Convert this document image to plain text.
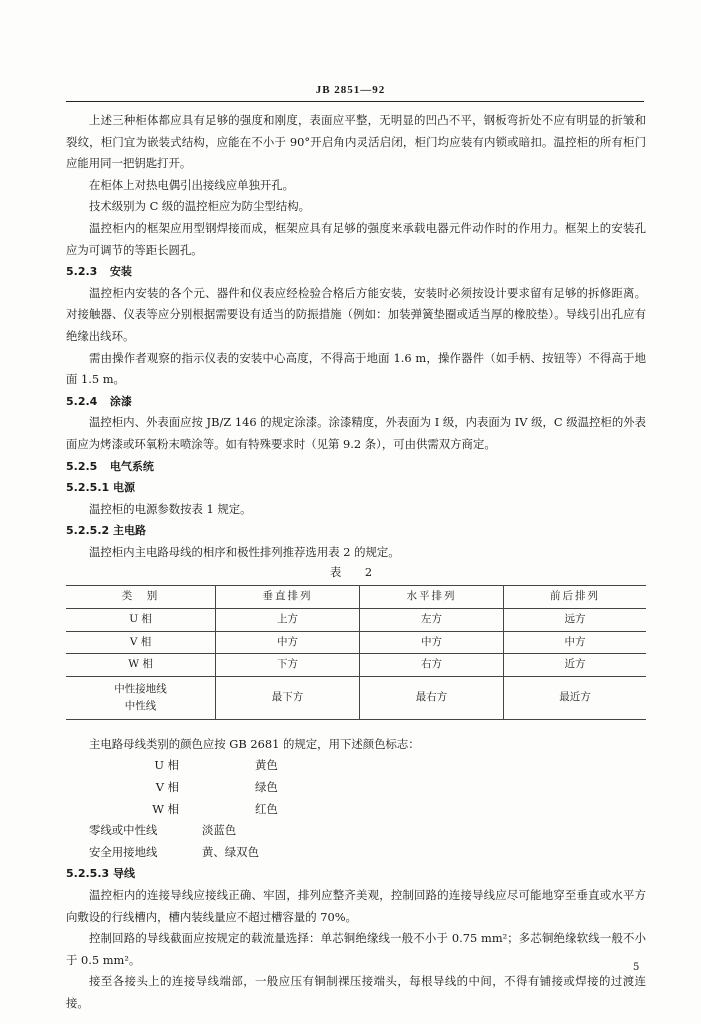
JB 2851—92

上述三种柜体都应具有足够的强度和刚度，表面应平整，无明显的凹凸不平，钢板弯折处不应有明显的折皱和裂纹，柜门宜为嵌装式结构，应能在不小于 90°开启角内灵活启闭，柜门均应装有内锁或暗扣。温控柜的所有柜门应能用同一把钥匙打开。

在柜体上对热电偶引出接线应单独开孔。

技术级别为 C 级的温控柜应为防尘型结构。

温控柜内的框架应用型钢焊接而成，框架应具有足够的强度来承载电器元件动作时的作用力。框架上的安装孔应为可调节的等距长圆孔。

5.2.3 安装

温控柜内安装的各个元、器件和仪表应经检验合格后方能安装，安装时必须按设计要求留有足够的拆修距离。对接触器、仪表等应分别根据需要设有适当的防振措施（例如：加装弹簧垫圈或适当厚的橡胶垫）。导线引出孔应有绝缘出线环。

需由操作者观察的指示仪表的安装中心高度，不得高于地面 1.6 m，操作器件（如手柄、按钮等）不得高于地面 1.5 m。

5.2.4 涂漆

温控柜内、外表面应按 JB/Z 146 的规定涂漆。涂漆精度，外表面为 I 级，内表面为 IV 级，C 级温控柜的外表面应为烤漆或环氧粉末喷涂等。如有特殊要求时（见第 9.2 条），可由供需双方商定。

5.2.5 电气系统

5.2.5.1 电源

温控柜的电源参数按表 1 规定。

5.2.5.2 主电路

温控柜内主电路母线的相序和极性排列推荐选用表 2 的规定。

表 2

类　别	垂直排列	水平排列	前后排列
U 相	上方	左方	远方
V 相	中方	中方	中方
W 相	下方	右方	近方

中性接地线
中性线	最下方	最右方	最近方

主电路母线类别的颜色应按 GB 2681 的规定，用下述颜色标志：

U 相	黄色
V 相	绿色
W 相	红色
零线或中性线	淡蓝色
安全用接地线	黄、绿双色

5.2.5.3 导线

温控柜内的连接导线应接线正确、牢固，排列应整齐美观，控制回路的连接导线应尽可能地穿至垂直或水平方向敷设的行线槽内，槽内装线量应不超过槽容量的 70%。

控制回路的导线截面应按规定的载流量选择：单芯铜绝缘线一般不小于 0.75 mm²；多芯铜绝缘软线一般不小于 0.5 mm²。

接至各接头上的连接导线端部，一般应压有铜制裸压接端头，每根导线的中间，不得有铺接或焊接的过渡连接。

5
